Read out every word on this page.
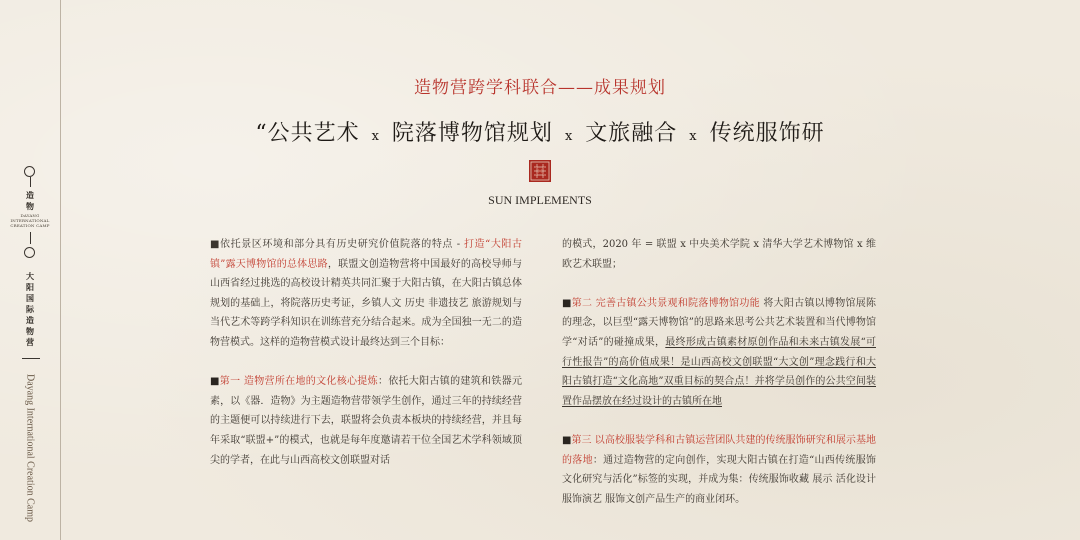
造
物
DAYANG
INTERNATIONAL
CREATION CAMP
大
阳
国
际
造
物
营
Dayang International Creation Camp
造物营跨学科联合——成果规划
“公共艺术 x 院落博物馆规划 x 文旅融合 x 传统服饰研
SUN IMPLEMENTS

■依托景区环境和部分具有历史研究价值院落的特点 - 打造“大阳古镇”露天博物馆的总体思路，联盟文创造物营将中国最好的高校导师与山西省经过挑选的高校设计精英共同汇聚于大阳古镇，在大阳古镇总体规划的基础上，将院落历史考证，乡镇人文 历史 非遗技艺 旅游规划与当代艺术等跨学科知识在训练营充分结合起来。成为全国独一无二的造物营模式。这样的造物营模式设计最终达到三个目标：

■第一 造物营所在地的文化核心提炼：依托大阳古镇的建筑和铁器元素，以《器．造物》为主题造物营带领学生创作，通过三年的持续经营的主题便可以持续进行下去，联盟将会负责本板块的持续经营，并且每年采取“联盟+”的模式，也就是每年度邀请若干位全国艺术学科领域顶尖的学者，在此与山西高校文创联盟对话

的模式，2020 年 = 联盟 x 中央美术学院 x 清华大学艺术博物馆 x 维欧艺术联盟；

■第二 完善古镇公共景观和院落博物馆功能 将大阳古镇以博物馆展陈的理念，以巨型“露天博物馆”的思路来思考公共艺术装置和当代博物馆学“对话”的碰撞成果，最终形成古镇素材原创作品和未来古镇发展“可行性报告”的高价值成果！是山西高校文创联盟“大文创”理念践行和大阳古镇打造“文化高地”双重目标的契合点！并将学员创作的公共空间装置作品摆放在经过设计的古镇所在地

■第三 以高校服装学科和古镇运营团队共建的传统服饰研究和展示基地的落地：通过造物营的定向创作，实现大阳古镇在打造“山西传统服饰文化研究与活化”标签的实现，并成为集：传统服饰收藏 展示 活化设计 服饰演艺 服饰文创产品生产的商业闭环。
